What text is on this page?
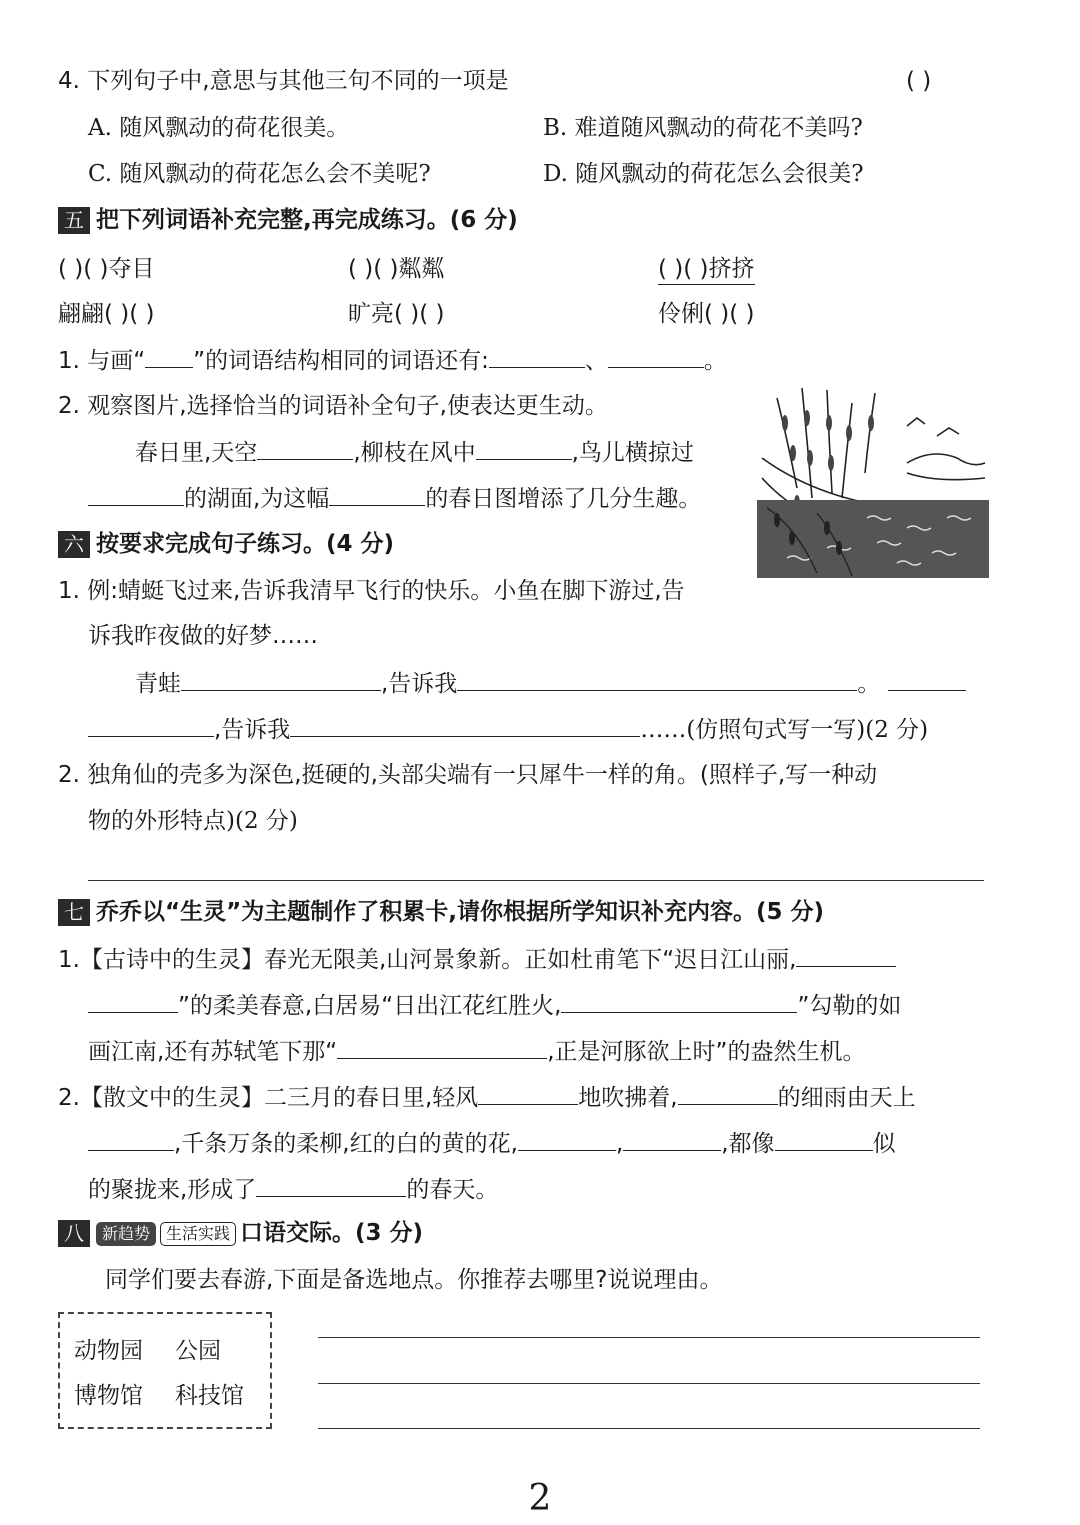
4. 下列句子中,意思与其他三句不同的一项是	( )
A. 随风飘动的荷花很美。	B. 难道随风飘动的荷花不美吗?
C. 随风飘动的荷花怎么会不美呢?	D. 随风飘动的荷花怎么会很美?
五 把下列词语补充完整,再完成练习。(6 分)
( )( )夺目	( )( )粼粼	( )( )挤挤
翩翩( )( )	旷亮( )( )	伶俐( )( )
1. 与画“ ”的词语结构相同的词语还有:	、	。
2. 观察图片,选择恰当的词语补全句子,使表达更生动。
春日里,天空	,柳枝在风中	,鸟儿横掠过
的湖面,为这幅	的春日图增添了几分生趣。
六 按要求完成句子练习。(4 分)
1. 例:蜻蜓飞过来,告诉我清早飞行的快乐。小鱼在脚下游过,告
诉我昨夜做的好梦……
青蛙	,告诉我	。
,告诉我	……(仿照句式写一写)(2 分)
2. 独角仙的壳多为深色,挺硬的,头部尖端有一只犀牛一样的角。(照样子,写一种动
物的外形特点)(2 分)
七 乔乔以“生灵”为主题制作了积累卡,请你根据所学知识补充内容。(5 分)
1.【古诗中的生灵】春光无限美,山河景象新。正如杜甫笔下“迟日江山丽,
”的柔美春意,白居易“日出江花红胜火,	”勾勒的如
画江南,还有苏轼笔下那“	,正是河豚欲上时”的盎然生机。
2.【散文中的生灵】二三月的春日里,轻风	地吹拂着,	的细雨由天上
,千条万条的柔柳,红的白的黄的花,	,	,都像	似
的聚拢来,形成了	的春天。
八 新趋势 生活实践 口语交际。(3 分)
同学们要去春游,下面是备选地点。你推荐去哪里?说说理由。
动物园 公园
博物馆 科技馆
2
